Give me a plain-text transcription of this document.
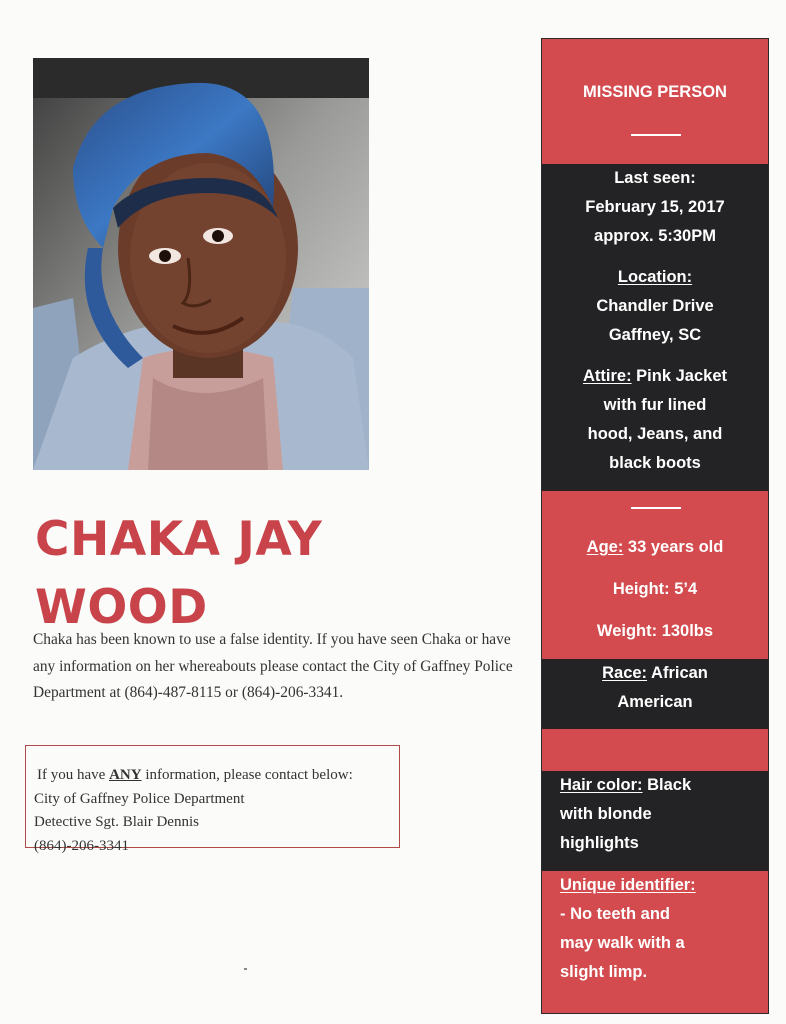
CHAKA JAY
WOOD

Chaka has been known to use a false identity. If you have seen Chaka or have any information on her whereabouts please contact the City of Gaffney Police Department at (864)-487-8115 or (864)-206-3341.

If you have ANY information, please contact below:
City of Gaffney Police Department
Detective Sgt. Blair Dennis
(864)-206-3341

MISSING PERSON

Last seen:

February 15, 2017

approx. 5:30PM

Location:

Chandler Drive

Gaffney, SC

Attire: Pink Jacket

with fur lined

hood, Jeans, and

black boots

Age: 33 years old

Height: 5’4

Weight: 130lbs

Race: African

American

Hair color: Black

with blonde

highlights

Unique identifier:

- No teeth and

may walk with a

slight limp.
